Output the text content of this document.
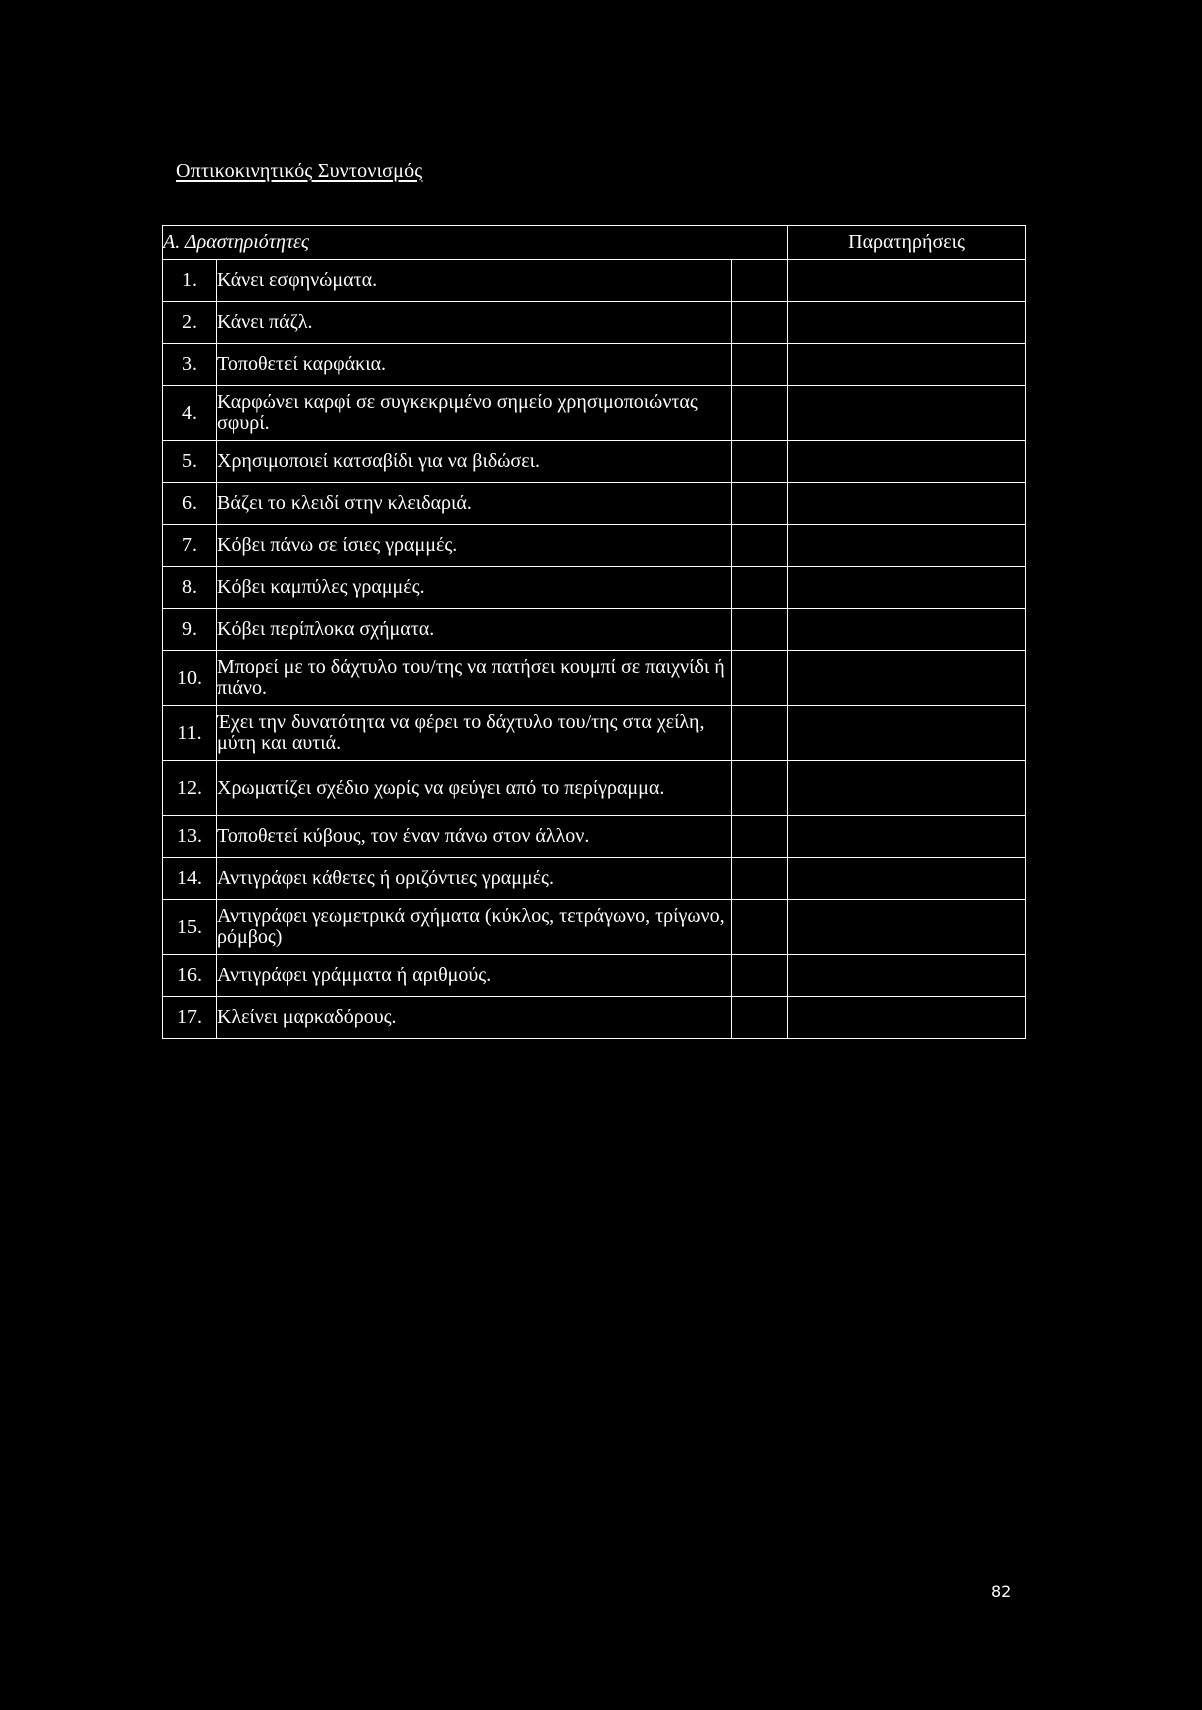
Οπτικοκινητικός Συντονισμός
Α. Δραστηριότητες			Παρατηρήσεις
1.	Κάνει εσφηνώματα.		
2.	Κάνει πάζλ.		
3.	Τοποθετεί καρφάκια.		
4.	Καρφώνει καρφί σε συγκεκριμένο σημείο χρησιμοποιώντας σφυρί.		
5.	Χρησιμοποιεί κατσαβίδι για να βιδώσει.		
6.	Βάζει το κλειδί στην κλειδαριά.		
7.	Κόβει πάνω σε ίσιες γραμμές.		
8.	Κόβει καμπύλες γραμμές.		
9.	Κόβει περίπλοκα σχήματα.		
10.	Μπορεί με το δάχτυλο του/της να πατήσει κουμπί σε παιχνίδι ή πιάνο.		
11.	Έχει την δυνατότητα να φέρει το δάχτυλο του/της στα χείλη, μύτη και αυτιά.		
12.	Χρωματίζει σχέδιο χωρίς να φεύγει από το περίγραμμα.		
13.	Τοποθετεί κύβους, τον έναν πάνω στον άλλον.		
14.	Αντιγράφει κάθετες ή οριζόντιες γραμμές.		
15.	Αντιγράφει γεωμετρικά σχήματα (κύκλος, τετράγωνο, τρίγωνο, ρόμβος)		
16.	Αντιγράφει γράμματα ή αριθμούς.		
17.	Κλείνει μαρκαδόρους.		
82
